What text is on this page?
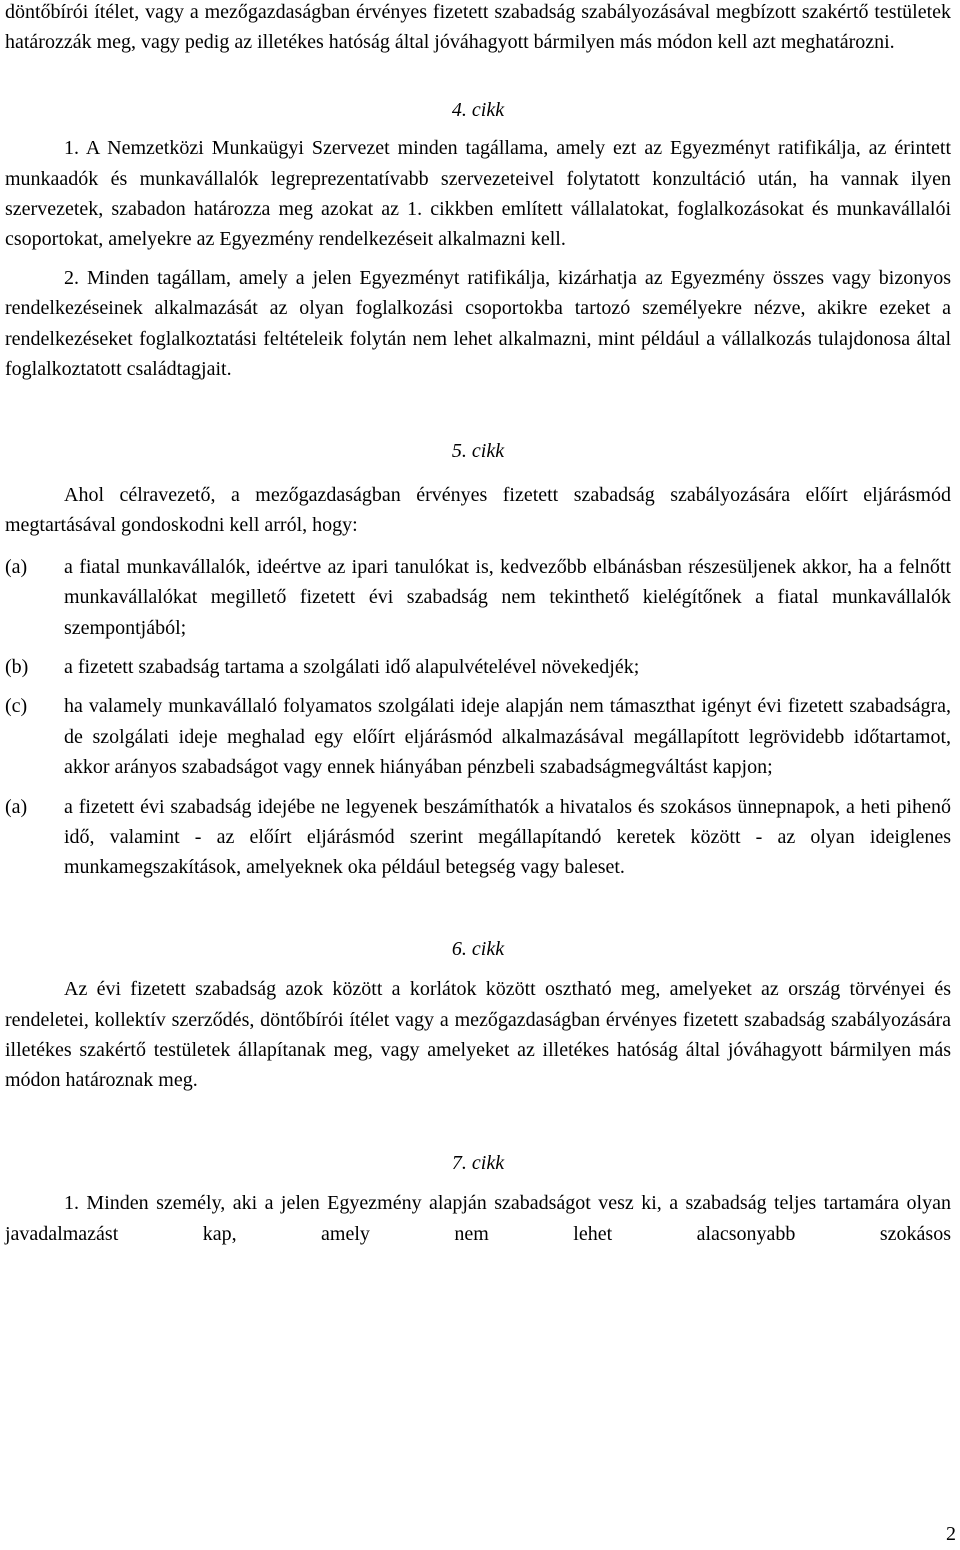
döntőbírói ítélet, vagy a mezőgazdaságban érvényes fizetett szabadság szabályozásával megbízott szakértő testületek határozzák meg, vagy pedig az illetékes hatóság által jóváhagyott bármilyen más módon kell azt meghatározni.

4. cikk

1. A Nemzetközi Munkaügyi Szervezet minden tagállama, amely ezt az Egyezményt ratifikálja, az érintett munkaadók és munkavállalók legreprezentatívabb szervezeteivel folytatott konzultáció után, ha vannak ilyen szervezetek, szabadon határozza meg azokat az 1. cikkben említett vállalatokat, foglalkozásokat és munkavállalói csoportokat, amelyekre az Egyezmény rendelkezéseit alkalmazni kell.

2. Minden tagállam, amely a jelen Egyezményt ratifikálja, kizárhatja az Egyezmény összes vagy bizonyos rendelkezéseinek alkalmazását az olyan foglalkozási csoportokba tartozó személyekre nézve, akikre ezeket a rendelkezéseket foglalkoztatási feltételeik folytán nem lehet alkalmazni, mint például a vállalkozás tulajdonosa által foglalkoztatott családtagjait.

5. cikk

Ahol célravezető, a mezőgazdaságban érvényes fizetett szabadság szabályozására előírt eljárásmód megtartásával gondoskodni kell arról, hogy:

(a)	a fiatal munkavállalók, ideértve az ipari tanulókat is, kedvezőbb elbánásban részesüljenek akkor, ha a felnőtt munkavállalókat megillető fizetett évi szabadság nem tekinthető kielégítőnek a fiatal munkavállalók szempontjából;
(b)	a fizetett szabadság tartama a szolgálati idő alapulvételével növekedjék;
(c)	ha valamely munkavállaló folyamatos szolgálati ideje alapján nem támaszthat igényt évi fizetett szabadságra, de szolgálati ideje meghalad egy előírt eljárásmód alkalmazásával megállapított legrövidebb időtartamot, akkor arányos szabadságot vagy ennek hiányában pénzbeli szabadságmegváltást kapjon;
(a)	a fizetett évi szabadság idejébe ne legyenek beszámíthatók a hivatalos és szokásos ünnepnapok, a heti pihenő idő, valamint - az előírt eljárásmód szerint megállapítandó keretek között - az olyan ideiglenes munkamegszakítások, amelyeknek oka például betegség vagy baleset.

6. cikk

Az évi fizetett szabadság azok között a korlátok között osztható meg, amelyeket az ország törvényei és rendeletei, kollektív szerződés, döntőbírói ítélet vagy a mezőgazdaságban érvényes fizetett szabadság szabályozására illetékes szakértő testületek állapítanak meg, vagy amelyeket az illetékes hatóság által jóváhagyott bármilyen más módon határoznak meg.

7. cikk

1. Minden személy, aki a jelen Egyezmény alapján szabadságot vesz ki, a szabadság teljes tartamára olyan javadalmazást kap, amely nem lehet alacsonyabb szokásos

2
